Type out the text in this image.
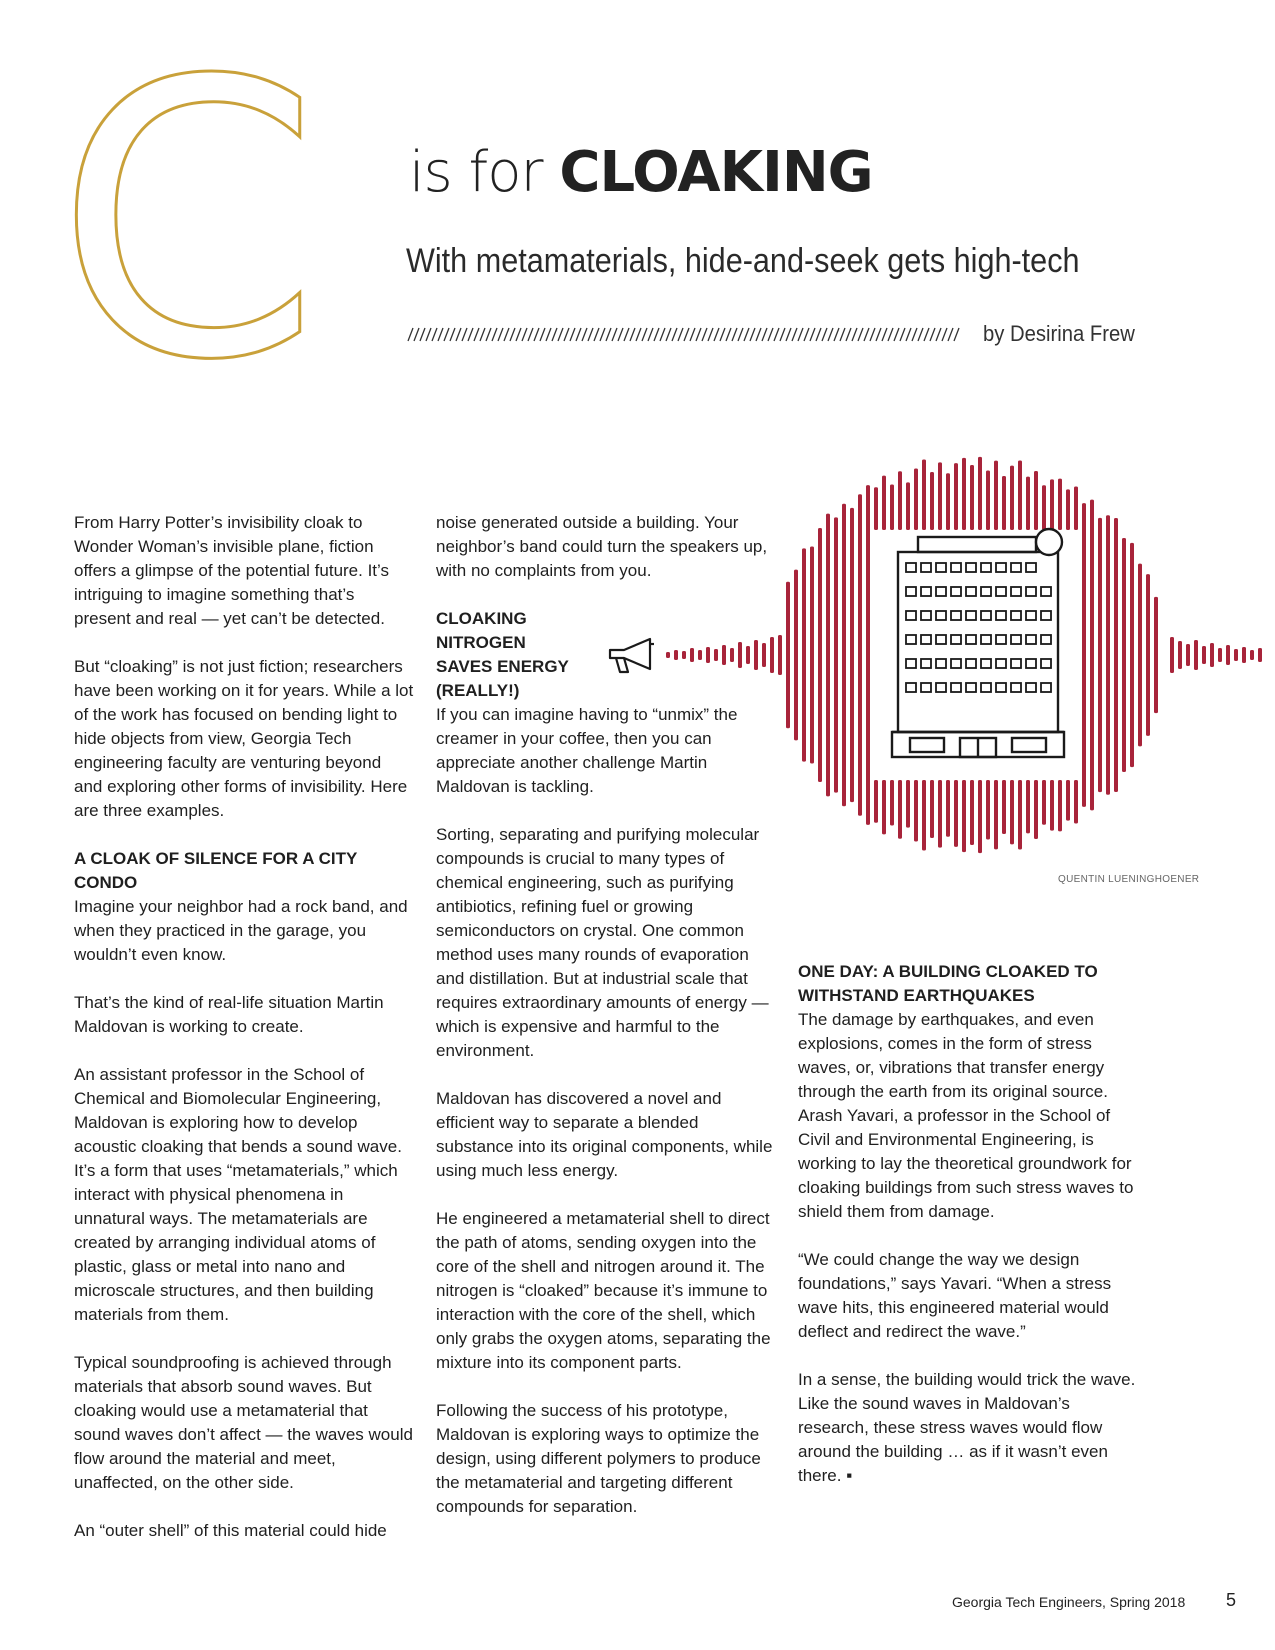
C is for CLOAKING
With metamaterials, hide-and-seek gets high-tech
by Desirina Frew

From Harry Potter’s invisibility cloak to Wonder Woman’s invisible plane, fiction offers a glimpse of the potential future. It’s intriguing to imagine something that’s present and real — yet can’t be detected.

But “cloaking” is not just fiction; researchers have been working on it for years. While a lot of the work has focused on bending light to hide objects from view, Georgia Tech engineering faculty are venturing beyond and exploring other forms of invisibility. Here are three examples.

A CLOAK OF SILENCE FOR A CITY CONDO
Imagine your neighbor had a rock band, and when they practiced in the garage, you wouldn’t even know.

That’s the kind of real-life situation Martin Maldovan is working to create.

An assistant professor in the School of Chemical and Biomolecular Engineering, Maldovan is exploring how to develop acoustic cloaking that bends a sound wave. It’s a form that uses “metamaterials,” which interact with physical phenomena in unnatural ways. The metamaterials are created by arranging individual atoms of plastic, glass or metal into nano and microscale structures, and then building materials from them.

Typical soundproofing is achieved through materials that absorb sound waves. But cloaking would use a metamaterial that sound waves don’t affect — the waves would flow around the material and meet, unaffected, on the other side.

An “outer shell” of this material could hide

noise generated outside a building. Your neighbor’s band could turn the speakers up, with no complaints from you.

CLOAKING NITROGEN SAVES ENERGY (REALLY!)
If you can imagine having to “unmix” the creamer in your coffee, then you can appreciate another challenge Martin Maldovan is tackling.

Sorting, separating and purifying molecular compounds is crucial to many types of chemical engineering, such as purifying antibiotics, refining fuel or growing semiconductors on crystal. One common method uses many rounds of evaporation and distillation. But at industrial scale that requires extraordinary amounts of energy — which is expensive and harmful to the environment.

Maldovan has discovered a novel and efficient way to separate a blended substance into its original components, while using much less energy.

He engineered a metamaterial shell to direct the path of atoms, sending oxygen into the core of the shell and nitrogen around it. The nitrogen is “cloaked” because it’s immune to interaction with the core of the shell, which only grabs the oxygen atoms, separating the mixture into its component parts.

Following the success of his prototype, Maldovan is exploring ways to optimize the design, using different polymers to produce the metamaterial and targeting different compounds for separation.

QUENTIN LUENINGHOENER
ONE DAY: A BUILDING CLOAKED TO WITHSTAND EARTHQUAKES

The damage by earthquakes, and even explosions, comes in the form of stress waves, or, vibrations that transfer energy through the earth from its original source. Arash Yavari, a professor in the School of Civil and Environmental Engineering, is working to lay the theoretical groundwork for cloaking buildings from such stress waves to shield them from damage.

“We could change the way we design foundations,” says Yavari. “When a stress wave hits, this engineered material would deflect and redirect the wave.”

In a sense, the building would trick the wave. Like the sound waves in Maldovan’s research, these stress waves would flow around the building … as if it wasn’t even there. ▪

Georgia Tech Engineers, Spring 2018 5
